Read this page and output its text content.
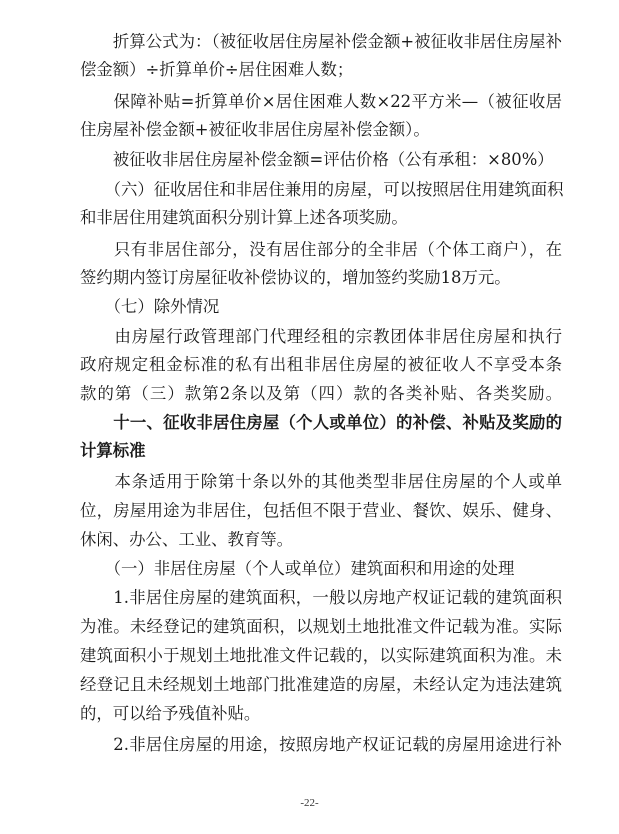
　　折算公式为：（被征收居住房屋补偿金额+被征收非居住房屋补
偿金额）÷折算单价÷居住困难人数；
　　保障补贴=折算单价×居住困难人数×22平方米—（被征收居
住房屋补偿金额+被征收非居住房屋补偿金额）。
　　被征收非居住房屋补偿金额=评估价格（公有承租：×80%）
　　（六）征收居住和非居住兼用的房屋，可以按照居住用建筑面积
和非居住用建筑面积分别计算上述各项奖励。
　　只有非居住部分，没有居住部分的全非居（个体工商户），在
签约期内签订房屋征收补偿协议的，增加签约奖励18万元。
　　（七）除外情况
　　由房屋行政管理部门代理经租的宗教团体非居住房屋和执行
政府规定租金标准的私有出租非居住房屋的被征收人不享受本条
款的第（三）款第2条以及第（四）款的各类补贴、各类奖励。
　　十一、征收非居住房屋（个人或单位）的补偿、补贴及奖励的
计算标准
　　本条适用于除第十条以外的其他类型非居住房屋的个人或单
位，房屋用途为非居住，包括但不限于营业、餐饮、娱乐、健身、
休闲、办公、工业、教育等。
　　（一）非居住房屋（个人或单位）建筑面积和用途的处理
　　1.非居住房屋的建筑面积，一般以房地产权证记载的建筑面积
为准。未经登记的建筑面积，以规划土地批准文件记载为准。实际
建筑面积小于规划土地批准文件记载的，以实际建筑面积为准。未
经登记且未经规划土地部门批准建造的房屋，未经认定为违法建筑
的，可以给予残值补贴。
　　2.非居住房屋的用途，按照房地产权证记载的房屋用途进行补
-22-
